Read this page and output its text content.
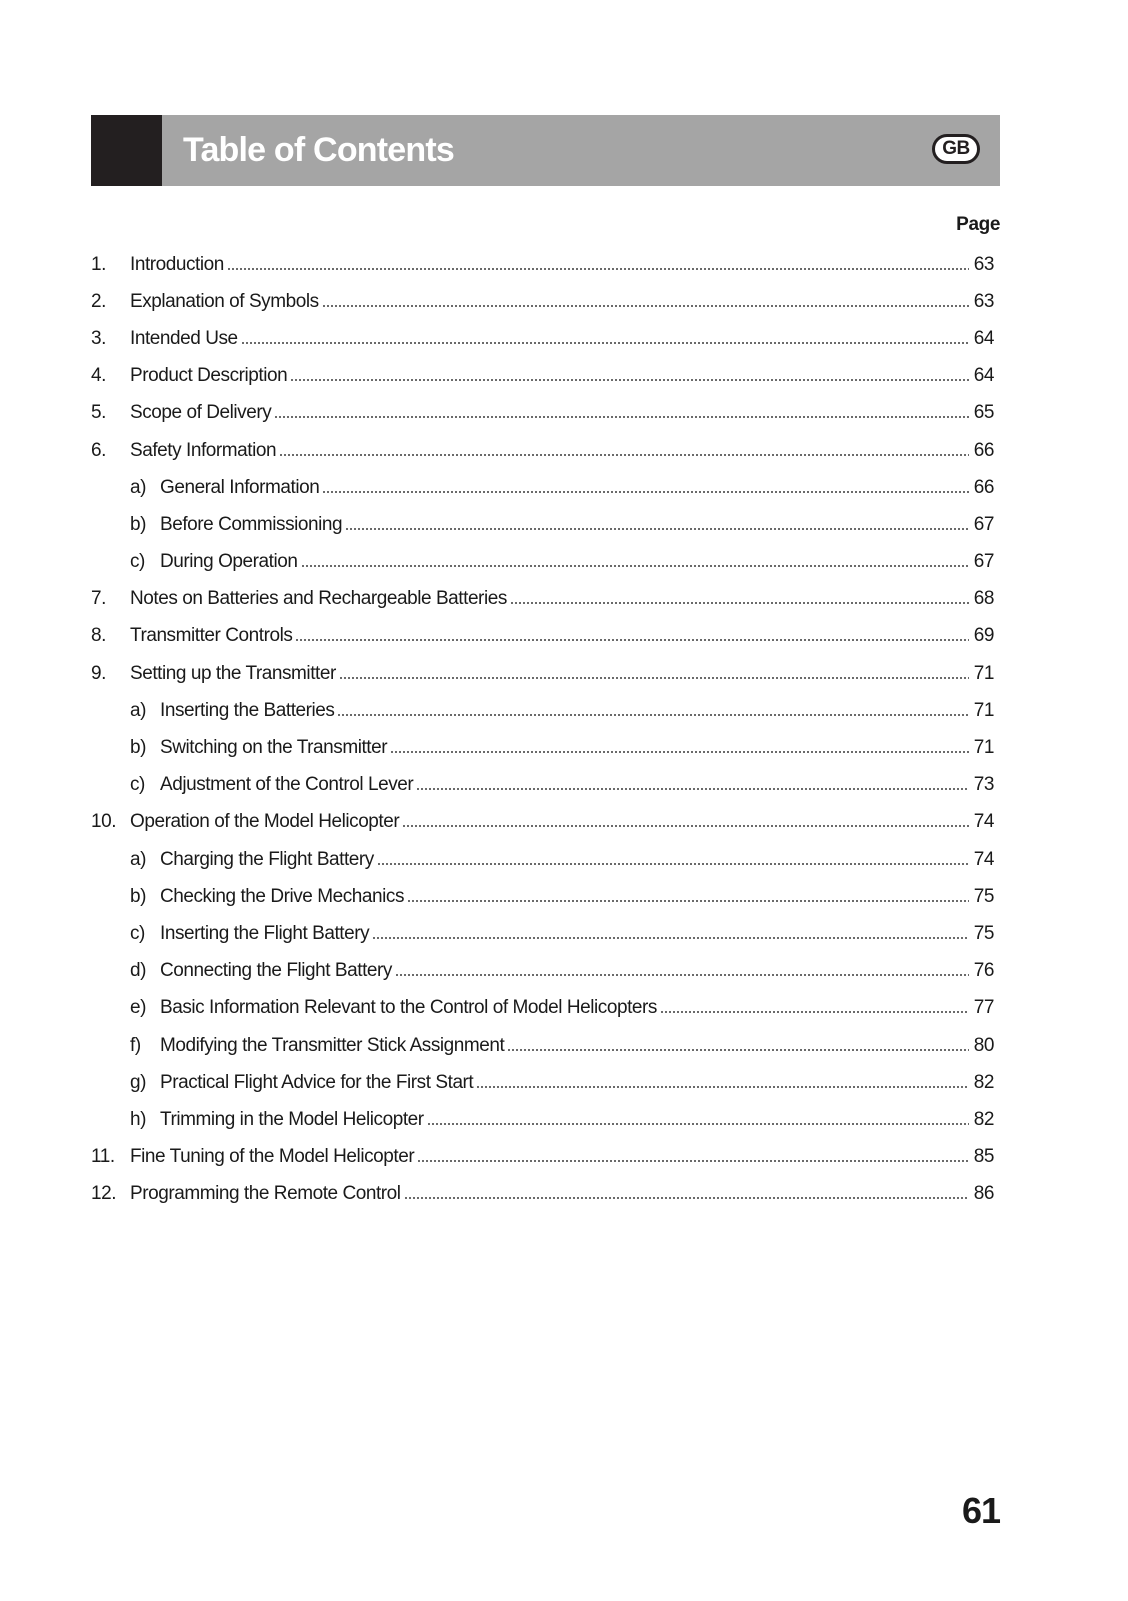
Table of Contents	GB
Page
1.	Introduction	63
2.	Explanation of Symbols	63
3.	Intended Use	64
4.	Product Description	64
5.	Scope of Delivery	65
6.	Safety Information	66
a) General Information	66
b) Before Commissioning	67
c) During Operation	67
7.	Notes on Batteries and Rechargeable Batteries	68
8.	Transmitter Controls	69
9.	Setting up the Transmitter	71
a) Inserting the Batteries	71
b) Switching on the Transmitter	71
c) Adjustment of the Control Lever	73
10. Operation of the Model Helicopter	74
a) Charging the Flight Battery	74
b) Checking the Drive Mechanics	75
c) Inserting the Flight Battery	75
d) Connecting the Flight Battery	76
e) Basic Information Relevant to the Control of Model Helicopters	77
f)	Modifying the Transmitter Stick Assignment	80
g) Practical Flight Advice for the First Start	82
h) Trimming in the Model Helicopter	82
11. Fine Tuning of the Model Helicopter	85
12. Programming the Remote Control	86
61
